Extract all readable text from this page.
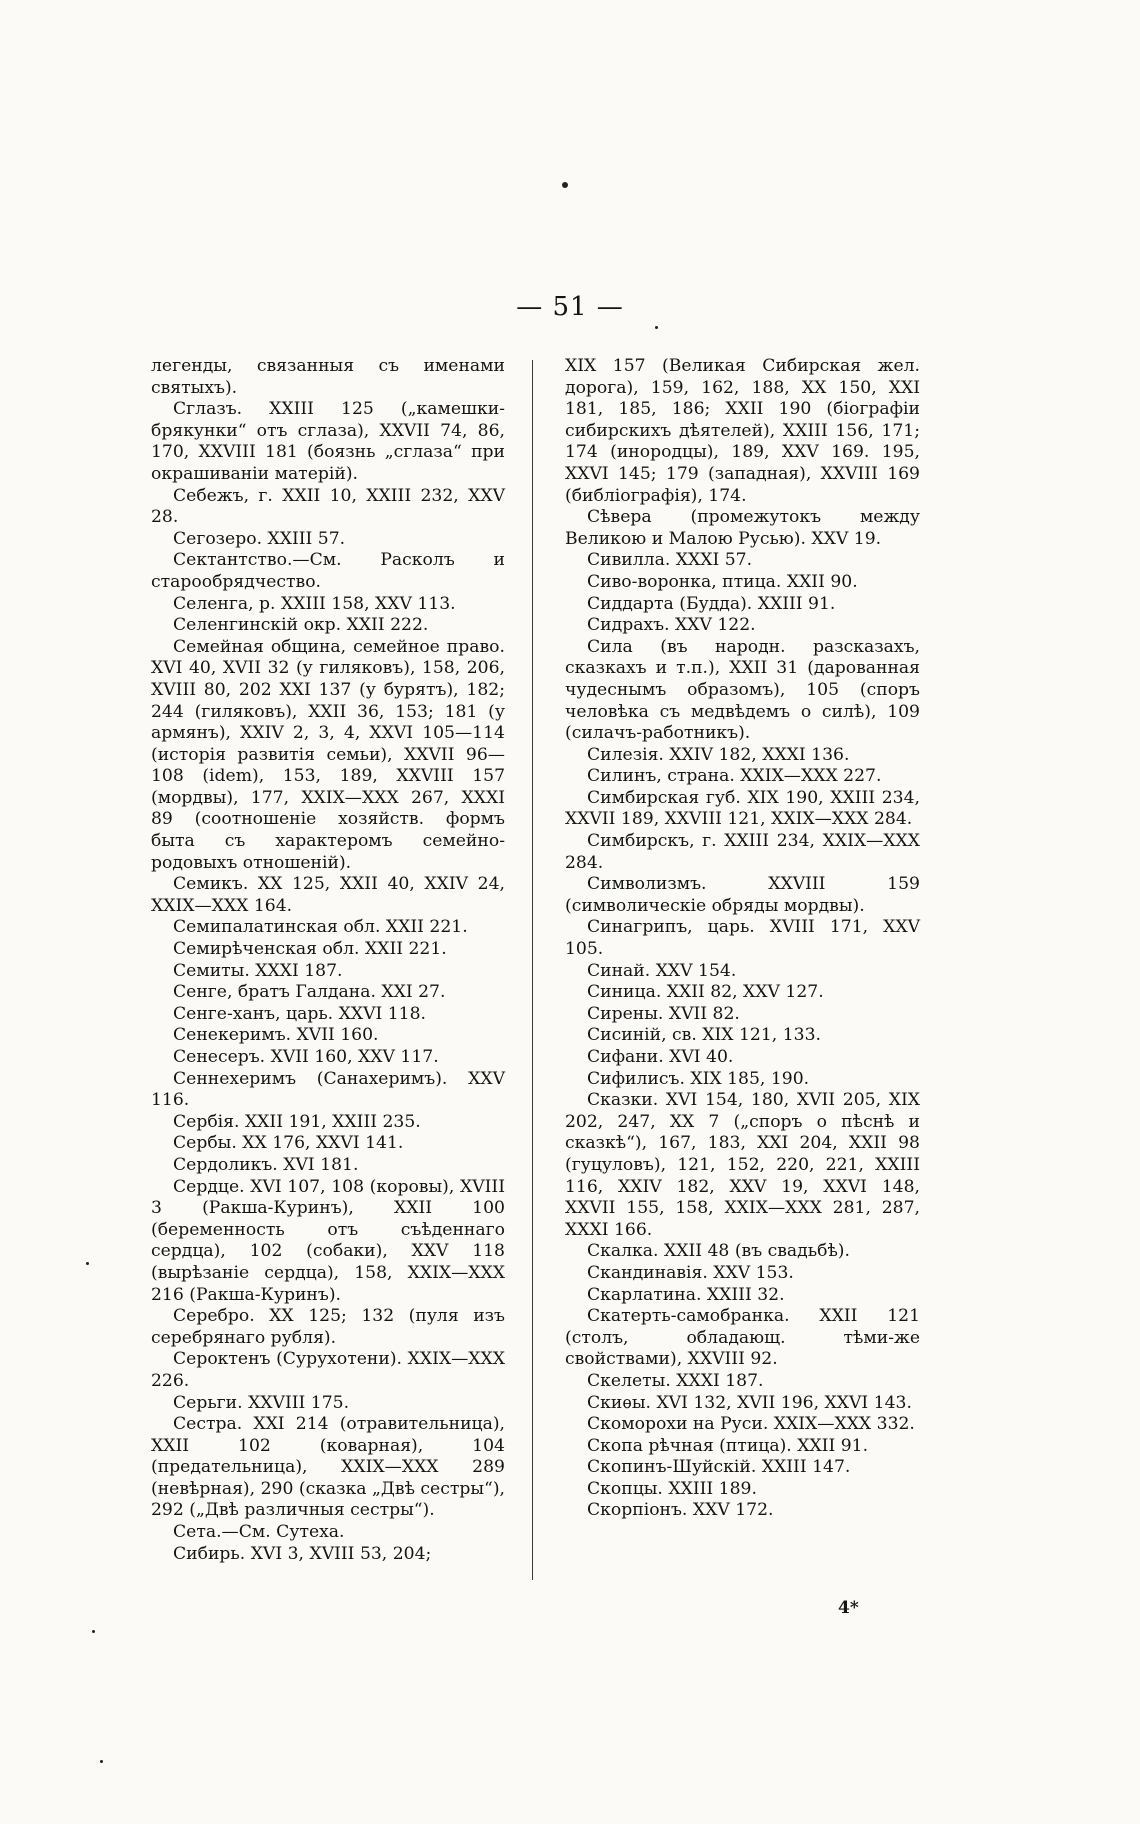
— 51 —

легенды, связанныя съ именами святыхъ).

Сглазъ. XXIII 125 („камешки-брякунки“ отъ сглаза), XXVII 74, 86, 170, XXVIII 181 (боязнь „сглаза“ при окрашиваніи матерій).

Себежъ, г. XXII 10, XXIII 232, XXV 28.

Сегозеро. XXIII 57.

Сектантство.—См. Расколъ и старообрядчество.

Селенга, р. XXIII 158, XXV 113.

Селенгинскій окр. XXII 222.

Семейная община, семейное право. XVI 40, XVII 32 (у гиляковъ), 158, 206, XVIII 80, 202 XXI 137 (у бурятъ), 182; 244 (гиляковъ), XXII 36, 153; 181 (у армянъ), XXIV 2, 3, 4, XXVI 105—114 (исторія развитія семьи), XXVII 96—108 (idem), 153, 189, XXVIII 157 (мордвы), 177, XXIX—XXX 267, XXXI 89 (соотношеніе хозяйств. формъ быта съ характеромъ семейно-родовыхъ отношеній).

Семикъ. XX 125, XXII 40, XXIV 24, XXIX—XXX 164.

Семипалатинская обл. XXII 221.

Семирѣченская обл. XXII 221.

Семиты. XXXI 187.

Сенге, братъ Галдана. XXI 27.

Сенге-ханъ, царь. XXVI 118.

Сенекеримъ. XVII 160.

Сенесеръ. XVII 160, XXV 117.

Сеннехеримъ (Санахеримъ). XXV 116.

Сербія. XXII 191, XXIII 235.

Сербы. XX 176, XXVI 141.

Сердоликъ. XVI 181.

Сердце. XVI 107, 108 (коровы), XVIII 3 (Ракша-Куринъ), XXII 100 (беременность отъ съѣденнаго сердца), 102 (собаки), XXV 118 (вырѣзаніе сердца), 158, XXIX—XXX 216 (Ракша-Куринъ).

Серебро. XX 125; 132 (пуля изъ серебрянаго рубля).

Сероктенъ (Сурухотени). XXIX—XXX 226.

Серьги. XXVIII 175.

Сестра. XXI 214 (отравительница), XXII 102 (коварная), 104 (предательница), XXIX—XXX 289 (невѣрная), 290 (сказка „Двѣ сестры“), 292 („Двѣ различныя сестры“).

Сета.—См. Сутеха.

Сибирь. XVI 3, XVIII 53, 204;

XIX 157 (Великая Сибирская жел. дорога), 159, 162, 188, XX 150, XXI 181, 185, 186; XXII 190 (біографіи сибирскихъ дѣятелей), XXIII 156, 171; 174 (инородцы), 189, XXV 169. 195, XXVI 145; 179 (западная), XXVIII 169 (библіографія), 174.

Сѣвера (промежутокъ между Великою и Малою Русью). XXV 19.

Сивилла. XXXI 57.

Сиво-воронка, птица. XXII 90.

Сиддарта (Будда). XXIII 91.

Сидрахъ. XXV 122.

Сила (въ народн. разсказахъ, сказкахъ и т.п.), XXII 31 (дарованная чудеснымъ образомъ), 105 (споръ человѣка съ медвѣдемъ о силѣ), 109 (силачъ-работникъ).

Силезія. XXIV 182, XXXI 136.

Силинъ, страна. XXIX—XXX 227.

Симбирская губ. XIX 190, XXIII 234, XXVII 189, XXVIII 121, XXIX—XXX 284.

Симбирскъ, г. XXIII 234, XXIX—XXX 284.

Символизмъ. XXVIII 159 (символическіе обряды мордвы).

Синагрипъ, царь. XVIII 171, XXV 105.

Синай. XXV 154.

Синица. XXII 82, XXV 127.

Сирены. XVII 82.

Сисиній, св. XIX 121, 133.

Сифани. XVI 40.

Сифилисъ. XIX 185, 190.

Сказки. XVI 154, 180, XVII 205, XIX 202, 247, XX 7 („споръ о пѣснѣ и сказкѣ“), 167, 183, XXI 204, XXII 98 (гуцуловъ), 121, 152, 220, 221, XXIII 116, XXIV 182, XXV 19, XXVI 148, XXVII 155, 158, XXIX—XXX 281, 287, XXXI 166.

Скалка. XXII 48 (въ свадьбѣ).

Скандинавія. XXV 153.

Скарлатина. XXIII 32.

Скатерть-самобранка. XXII 121 (столъ, обладающ. тѣми-же свойствами), XXVIII 92.

Скелеты. XXXI 187.

Скиѳы. XVI 132, XVII 196, XXVI 143.

Скоморохи на Руси. XXIX—XXX 332.

Скопа рѣчная (птица). XXII 91.

Скопинъ-Шуйскій. XXIII 147.

Скопцы. XXIII 189.

Скорпіонъ. XXV 172.

4*
